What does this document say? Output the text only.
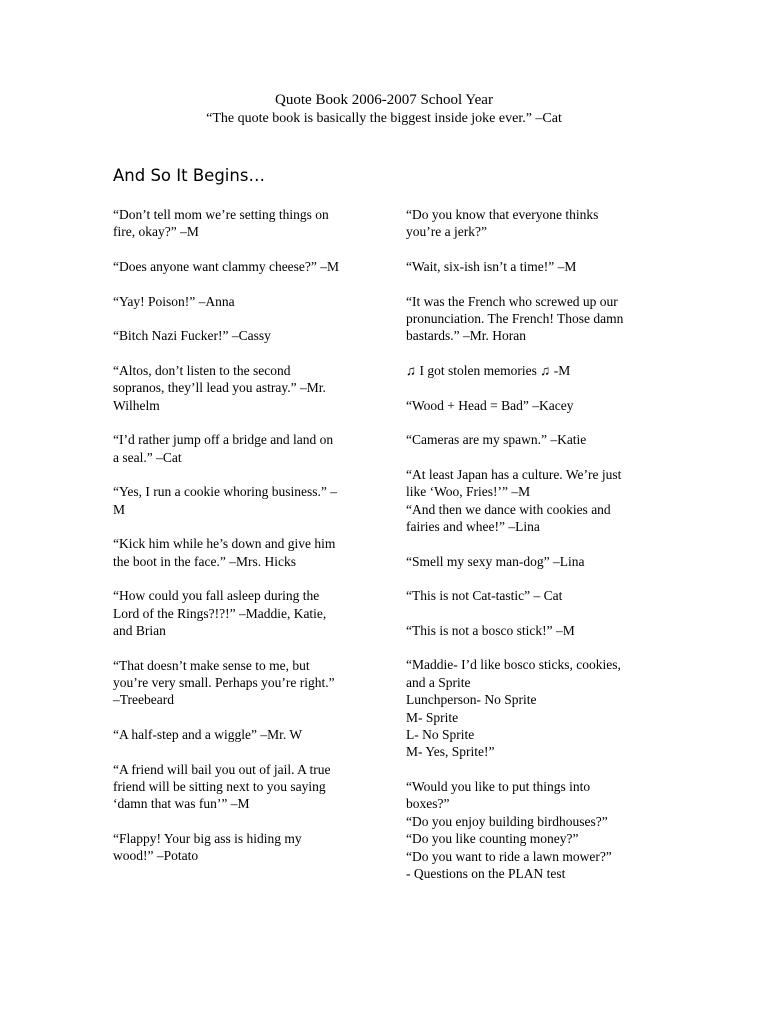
Quote Book 2006-2007 School Year
“The quote book is basically the biggest inside joke ever.” –Cat
And So It Begins…
“Don’t tell mom we’re setting things on
fire, okay?” –M
“Does anyone want clammy cheese?” –M
“Yay! Poison!” –Anna
“Bitch Nazi Fucker!” –Cassy
“Altos, don’t listen to the second
sopranos, they’ll lead you astray.” –Mr.
Wilhelm
“I’d rather jump off a bridge and land on
a seal.” –Cat
“Yes, I run a cookie whoring business.” –
M
“Kick him while he’s down and give him
the boot in the face.” –Mrs. Hicks
“How could you fall asleep during the
Lord of the Rings?!?!” –Maddie, Katie,
and Brian
“That doesn’t make sense to me, but
you’re very small. Perhaps you’re right.”
–Treebeard
“A half-step and a wiggle” –Mr. W
“A friend will bail you out of jail. A true
friend will be sitting next to you saying
‘damn that was fun’” –M
“Flappy! Your big ass is hiding my
wood!” –Potato
“Do you know that everyone thinks
you’re a jerk?”
“Wait, six-ish isn’t a time!” –M
“It was the French who screwed up our
pronunciation. The French! Those damn
bastards.” –Mr. Horan
♫ I got stolen memories ♫ -M
“Wood + Head = Bad” –Kacey
“Cameras are my spawn.” –Katie
“At least Japan has a culture. We’re just
like ‘Woo, Fries!’” –M
“And then we dance with cookies and
fairies and whee!” –Lina
“Smell my sexy man-dog” –Lina
“This is not Cat-tastic” – Cat
“This is not a bosco stick!” –M
“Maddie- I’d like bosco sticks, cookies,
and a Sprite
Lunchperson- No Sprite
M- Sprite
L- No Sprite
M- Yes, Sprite!”
“Would you like to put things into
boxes?”
“Do you enjoy building birdhouses?”
“Do you like counting money?”
“Do you want to ride a lawn mower?”
- Questions on the PLAN test
